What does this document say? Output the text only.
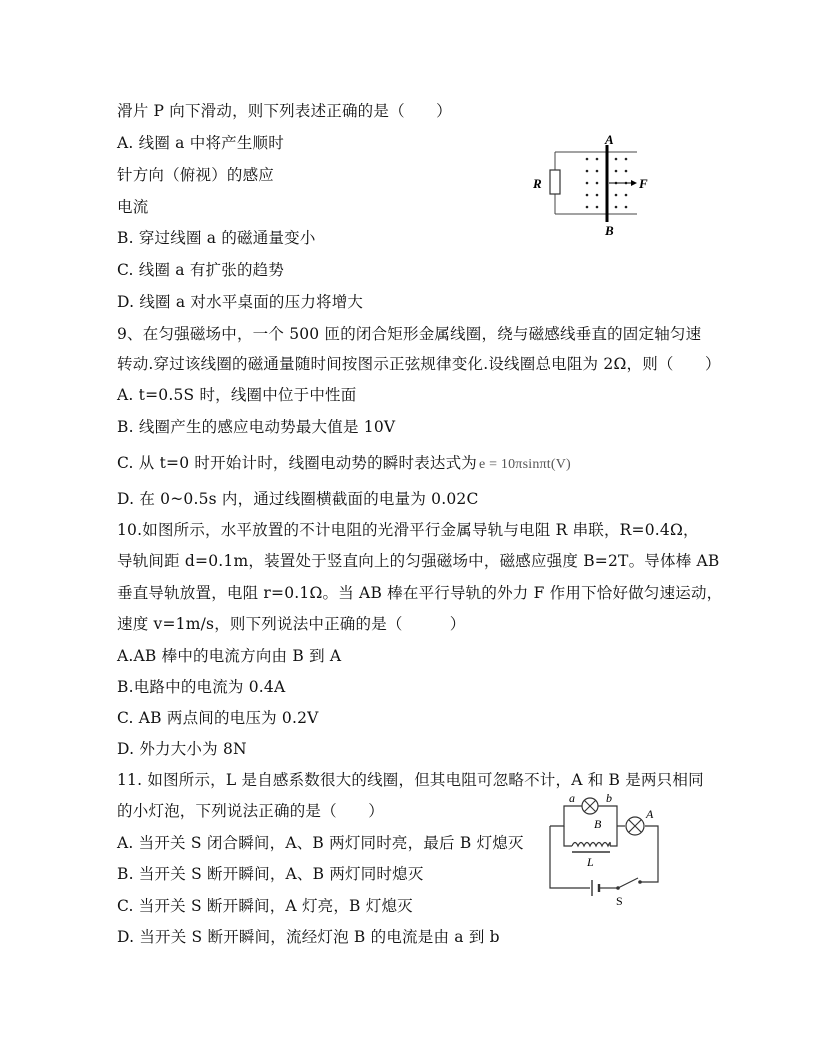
滑片 P 向下滑动，则下列表述正确的是（　　）
A. 线圈 a 中将产生顺时
针方向（俯视）的感应
电流
B. 穿过线圈 a 的磁通量变小
C. 线圈 a 有扩张的趋势
D. 线圈 a 对水平桌面的压力将增大
A
B
R	F
9、在匀强磁场中，一个 500 匝的闭合矩形金属线圈，绕与磁感线垂直的固定轴匀速
转动.穿过该线圈的磁通量随时间按图示正弦规律变化.设线圈总电阻为 2Ω，则（　　）
A. t=0.5S 时，线圈中位于中性面
B. 线圈产生的感应电动势最大值是 10V
C. 从 t=0 时开始计时，线圈电动势的瞬时表达式为 e = 10πsinπt(V)
D. 在 0~0.5s 内，通过线圈横截面的电量为 0.02C
10.如图所示，水平放置的不计电阻的光滑平行金属导轨与电阻 R 串联，R=0.4Ω，
导轨间距 d=0.1m，装置处于竖直向上的匀强磁场中，磁感应强度 B=2T。导体棒 AB
垂直导轨放置，电阻 r=0.1Ω。当 AB 棒在平行导轨的外力 F 作用下恰好做匀速运动，
速度 v=1m/s，则下列说法中正确的是（　　　）
A.AB 棒中的电流方向由 B 到 A
B.电路中的电流为 0.4A
C. AB 两点间的电压为 0.2V
D. 外力大小为 8N
11. 如图所示，L 是自感系数很大的线圈，但其电阻可忽略不计，A 和 B 是两只相同
的小灯泡，下列说法正确的是（　　）
A. 当开关 S 闭合瞬间，A、B 两灯同时亮，最后 B 灯熄灭
B. 当开关 S 断开瞬间，A、B 两灯同时熄灭
C. 当开关 S 断开瞬间，A 灯亮，B 灯熄灭
D. 当开关 S 断开瞬间，流经灯泡 B 的电流是由 a 到 b
a	b
B
A
L
S
